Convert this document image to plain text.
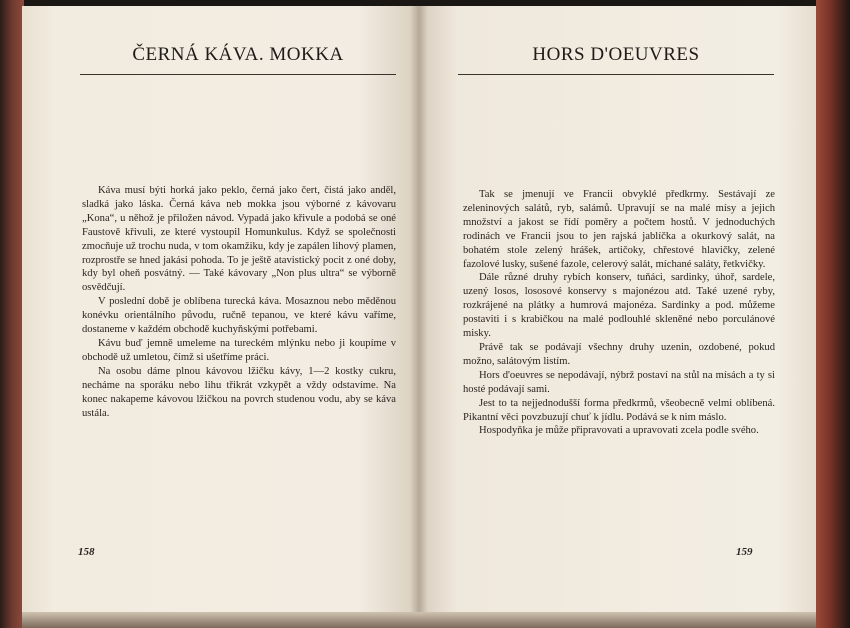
ČERNÁ KÁVA. MOKKA

Káva musí býti horká jako peklo, černá jako čert, čistá jako anděl, sladká jako láska. Černá káva neb mokka jsou výborné z kávovaru „Kona“, u něhož je přiložen návod. Vypadá jako křivule a podobá se oné Faustově křivuli, ze které vystoupil Homunkulus. Když se společnosti zmocňuje už trochu nuda, v tom okamžiku, kdy je zapálen lihový plamen, rozprostře se hned jakási pohoda. To je ještě atavistický pocit z oné doby, kdy byl oheň posvátný. — Také kávovary „Non plus ultra“ se výborně osvědčují.

V poslední době je oblíbena turecká káva. Mosaznou nebo měděnou konévku orientálního původu, ručně tepanou, ve které kávu vaříme, dostaneme v každém obchodě kuchyňskými potřebami.

Kávu buď jemně umeleme na tureckém mlýnku nebo ji koupíme v obchodě už umletou, čímž si ušetříme práci.

Na osobu dáme plnou kávovou lžičku kávy, 1—2 kostky cukru, necháme na sporáku nebo lihu třikrát vzkypět a vždy odstavíme. Na konec nakapeme kávovou lžičkou na povrch studenou vodu, aby se káva ustála.

158
HORS D'OEUVRES

Tak se jmenují ve Francii obvyklé předkrmy. Sestávají ze zeleninových salátů, ryb, salámů. Upravují se na malé mísy a jejich množství a jakost se řídí poměry a počtem hostů. V jednoduchých rodinách ve Francii jsou to jen rajská jablíčka a okurkový salát, na bohatém stole zelený hrášek, artičoky, chřestové hlavičky, zelené fazolové lusky, sušené fazole, celerový salát, míchané saláty, řetkvičky.

Dále různé druhy rybích konserv, tuňáci, sardinky, úhoř, sardele, uzený losos, lososové konservy s majonézou atd. Také uzené ryby, rozkrájené na plátky a humrová majonéza. Sardinky a pod. můžeme postaviti i s krabičkou na malé podlouhlé skleněné nebo porculánové misky.

Právě tak se podávají všechny druhy uzenin, ozdobené, pokud možno, salátovým listím.

Hors d'oeuvres se nepodávají, nýbrž postaví na stůl na mísách a ty si hosté podávají sami.

Jest to ta nejjednodušší forma předkrmů, všeobecně velmi oblíbená. Pikantní věci povzbuzují chuť k jídlu. Podává se k nim máslo.

Hospodyňka je může připravovati a upravovati zcela podle svého.

159
